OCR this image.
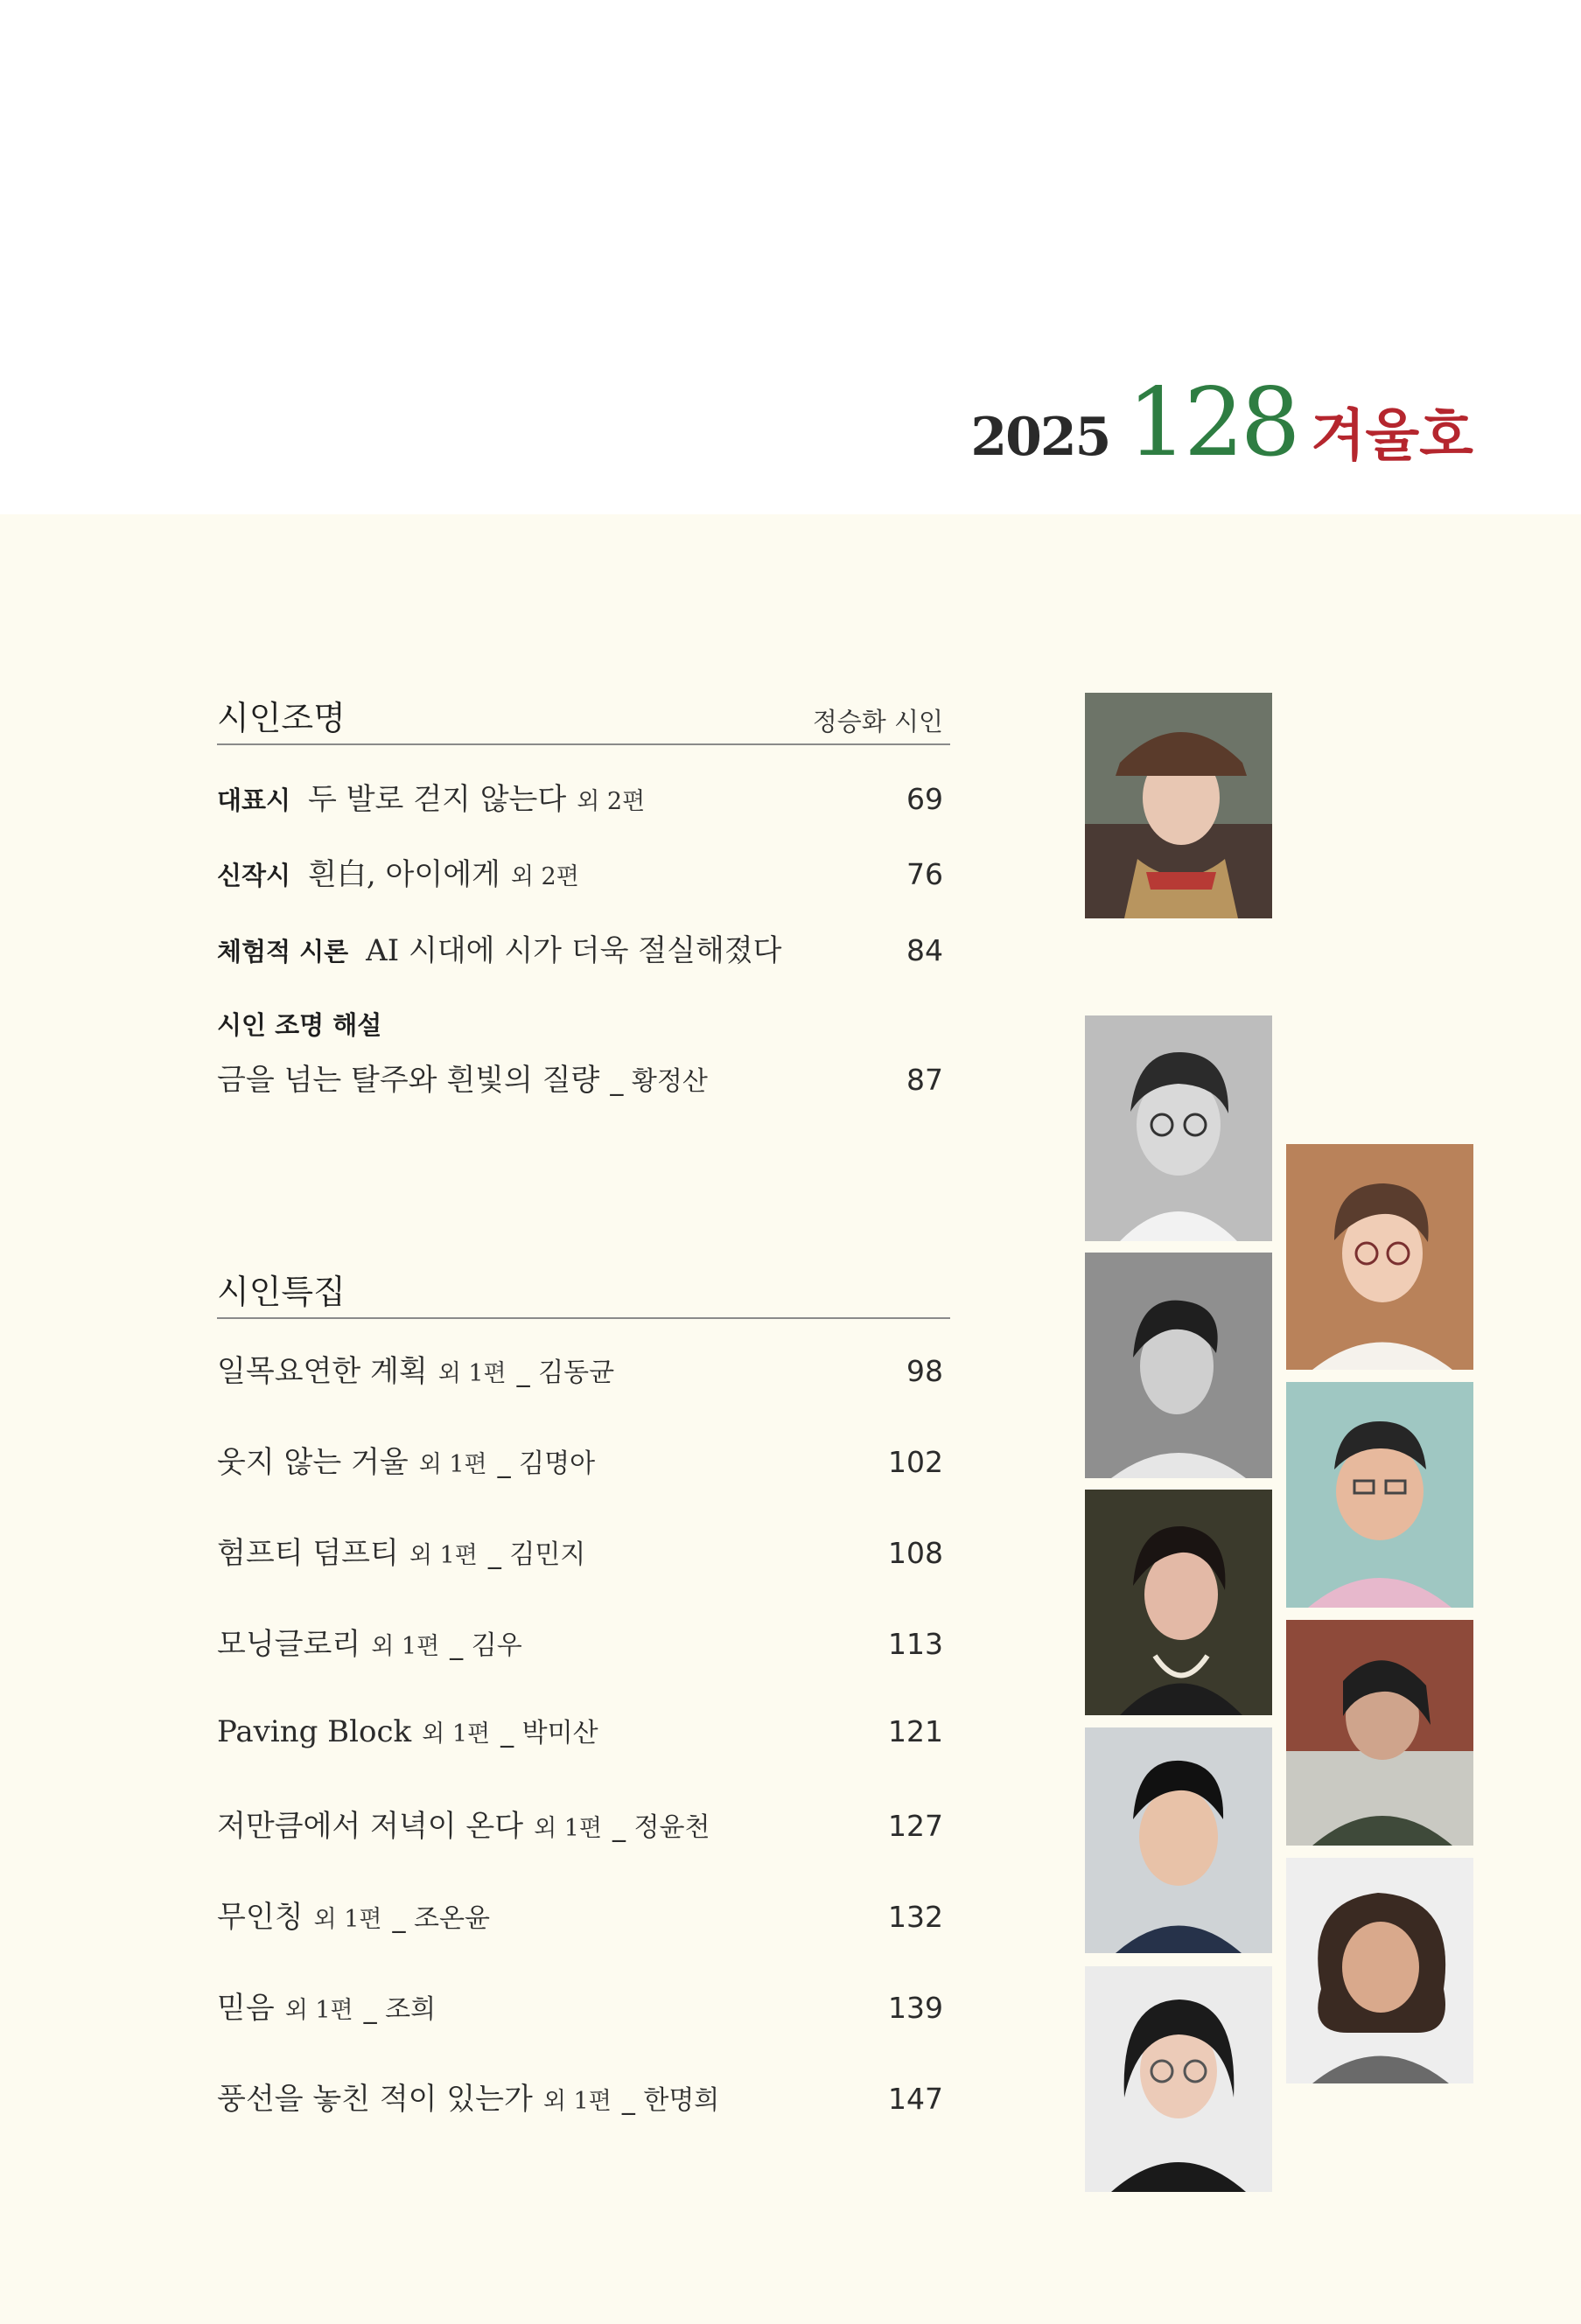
2025 128 겨울호
시인조명	정승화 시인
대표시 두 발로 걷지 않는다 외 2편	69
신작시 흰白, 아이에게 외 2편	76
체험적 시론 AI 시대에 시가 더욱 절실해졌다	84
시인 조명 해설
금을 넘는 탈주와 흰빛의 질량 _ 황정산	87
시인특집
일목요연한 계획 외 1편 _ 김동균	98
웃지 않는 거울 외 1편 _ 김명아	102
험프티 덤프티 외 1편 _ 김민지	108
모닝글로리 외 1편 _ 김우	113
Paving Block 외 1편 _ 박미산	121
저만큼에서 저녁이 온다 외 1편 _ 정윤천	127
무인칭 외 1편 _ 조온윤	132
믿음 외 1편 _ 조희	139
풍선을 놓친 적이 있는가 외 1편 _ 한명희	147
